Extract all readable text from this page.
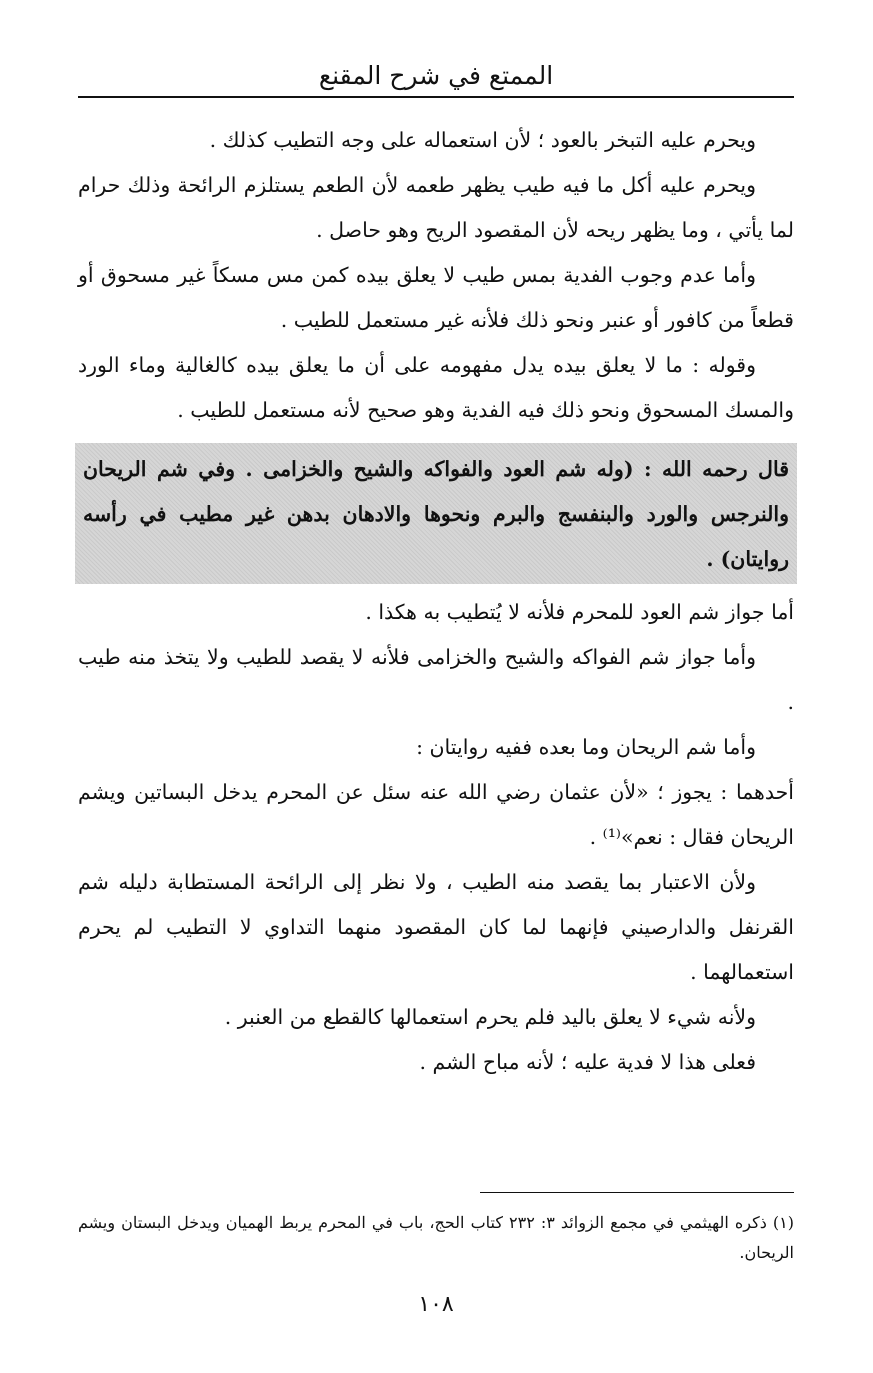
الممتع في شرح المقنع

ويحرم عليه التبخر بالعود ؛ لأن استعماله على وجه التطيب كذلك .

ويحرم عليه أكل ما فيه طيب يظهر طعمه لأن الطعم يستلزم الرائحة وذلك حرام لما يأتي ، وما يظهر ريحه لأن المقصود الريح وهو حاصل .

وأما عدم وجوب الفدية بمس طيب لا يعلق بيده كمن مس مسكاً غير مسحوق أو قطعاً من كافور أو عنبر ونحو ذلك فلأنه غير مستعمل للطيب .

وقوله : ما لا يعلق بيده يدل مفهومه على أن ما يعلق بيده كالغالية وماء الورد والمسك المسحوق ونحو ذلك فيه الفدية وهو صحيح لأنه مستعمل للطيب .

قال رحمه الله : (وله شم العود والفواكه والشيح والخزامى . وفي شم الريحان والنرجس والورد والبنفسج والبرم ونحوها والادهان بدهن غير مطيب في رأسه روايتان) .

أما جواز شم العود للمحرم فلأنه لا يُتطيب به هكذا .

وأما جواز شم الفواكه والشيح والخزامى فلأنه لا يقصد للطيب ولا يتخذ منه طيب .

وأما شم الريحان وما بعده ففيه روايتان :

أحدهما : يجوز ؛ «لأن عثمان رضي الله عنه سئل عن المحرم يدخل البساتين ويشم الريحان فقال : نعم»⁽¹⁾ .

ولأن الاعتبار بما يقصد منه الطيب ، ولا نظر إلى الرائحة المستطابة دليله شم القرنفل والدارصيني فإنهما لما كان المقصود منهما التداوي لا التطيب لم يحرم استعمالهما .

ولأنه شيء لا يعلق باليد فلم يحرم استعمالها كالقطع من العنبر .

فعلى هذا لا فدية عليه ؛ لأنه مباح الشم .

(١) ذكره الهيثمي في مجمع الزوائد ٣: ٢٣٢ كتاب الحج، باب في المحرم يربط الهميان ويدخل البستان ويشم الريحان.
١٠٨
